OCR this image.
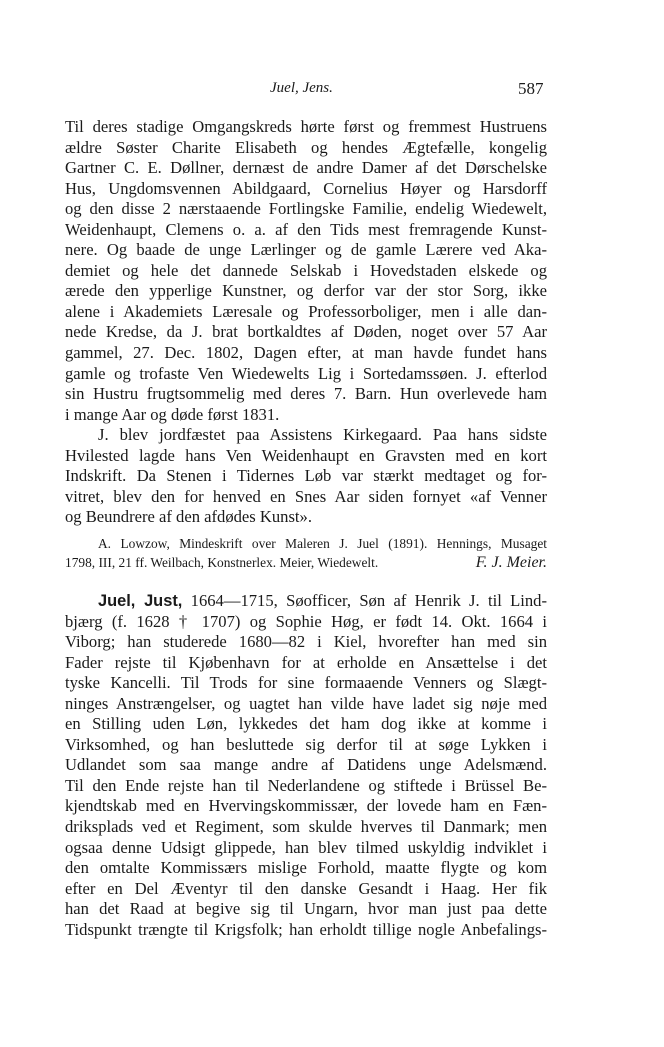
Juel, Jens.	587
Til deres stadige Omgangskreds hørte først og fremmest Hustruens
ældre Søster Charite Elisabeth og hendes Ægtefælle, kongelig
Gartner C. E. Døllner, dernæst de andre Damer af det Dørschelske
Hus, Ungdomsvennen Abildgaard, Cornelius Høyer og Harsdorff
og den disse 2 nærstaaende Fortlingske Familie, endelig Wiedewelt,
Weidenhaupt, Clemens o. a. af den Tids mest fremragende Kunst-
nere. Og baade de unge Lærlinger og de gamle Lærere ved Aka-
demiet og hele det dannede Selskab i Hovedstaden elskede og
ærede den ypperlige Kunstner, og derfor var der stor Sorg, ikke
alene i Akademiets Læresale og Professorboliger, men i alle dan-
nede Kredse, da J. brat bortkaldtes af Døden, noget over 57 Aar
gammel, 27. Dec. 1802, Dagen efter, at man havde fundet hans
gamle og trofaste Ven Wiedewelts Lig i Sortedamssøen. J. efterlod
sin Hustru frugtsommelig med deres 7. Barn. Hun overlevede ham
i mange Aar og døde først 1831.
J. blev jordfæstet paa Assistens Kirkegaard. Paa hans sidste
Hvilested lagde hans Ven Weidenhaupt en Gravsten med en kort
Indskrift. Da Stenen i Tidernes Løb var stærkt medtaget og for-
vitret, blev den for henved en Snes Aar siden fornyet «af Venner
og Beundrere af den afdødes Kunst».
A. Lowzow, Mindeskrift over Maleren J. Juel (1891). Hennings, Musaget
1798, III, 21 ff. Weilbach, Konstnerlex. Meier, Wiedewelt.	F. J. Meier.
Juel, Just, 1664—1715, Søofficer, Søn af Henrik J. til Lind-
bjærg (f. 1628 † 1707) og Sophie Høg, er født 14. Okt. 1664 i
Viborg; han studerede 1680—82 i Kiel, hvorefter han med sin
Fader rejste til Kjøbenhavn for at erholde en Ansættelse i det
tyske Kancelli. Til Trods for sine formaaende Venners og Slægt-
ninges Anstrængelser, og uagtet han vilde have ladet sig nøje med
en Stilling uden Løn, lykkedes det ham dog ikke at komme i
Virksomhed, og han besluttede sig derfor til at søge Lykken i
Udlandet som saa mange andre af Datidens unge Adelsmænd.
Til den Ende rejste han til Nederlandene og stiftede i Brüssel Be-
kjendtskab med en Hvervingskommissær, der lovede ham en Fæn-
driksplads ved et Regiment, som skulde hverves til Danmark; men
ogsaa denne Udsigt glippede, han blev tilmed uskyldig indviklet i
den omtalte Kommissærs mislige Forhold, maatte flygte og kom
efter en Del Æventyr til den danske Gesandt i Haag. Her fik
han det Raad at begive sig til Ungarn, hvor man just paa dette
Tidspunkt trængte til Krigsfolk; han erholdt tillige nogle Anbefalings-
